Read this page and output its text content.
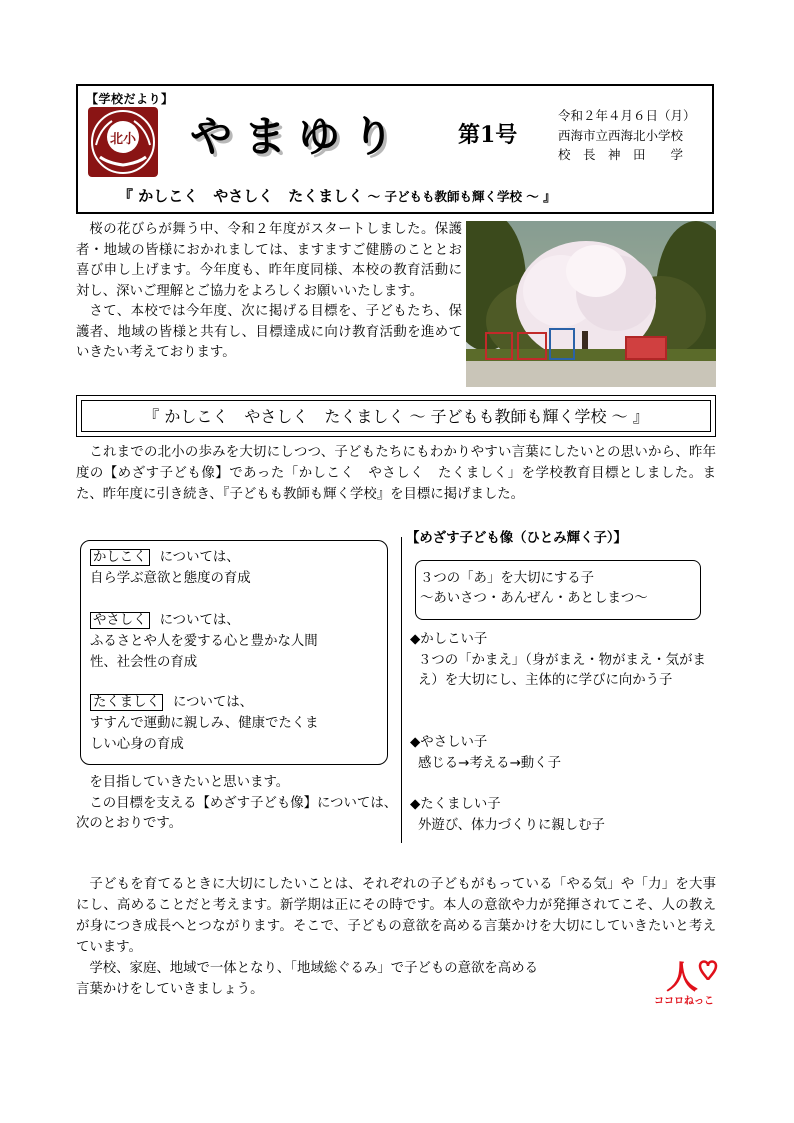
【学校だより】
北小 やまゆり 第1号
令和２年４月６日（月）
西海市立西海北小学校
校　長　神　田　　学
『 かしこく　やさしく　たくましく ～ 子どもも教師も輝く学校 ～ 』

桜の花びらが舞う中、令和２年度がスタートしました。保護者・地域の皆様におかれましては、ますますご健勝のこととお喜び申し上げます。今年度も、昨年度同様、本校の教育活動に対し、深いご理解とご協力をよろしくお願いいたします。

さて、本校では今年度、次に掲げる目標を、子どもたち、保護者、地域の皆様と共有し、目標達成に向け教育活動を進めていきたい考えております。

『 かしこく　やさしく　たくましく ～ 子どもも教師も輝く学校 ～ 』

これまでの北小の歩みを大切にしつつ、子どもたちにもわかりやすい言葉にしたいとの思いから、昨年度の【めざす子ども像】であった「かしこく　やさしく　たくましく」を学校教育目標としました。また、昨年度に引き続き、『子どもも教師も輝く学校』を目標に掲げました。

かしこく については、
自ら学ぶ意欲と態度の育成
やさしく については、
ふるさとや人を愛する心と豊かな人間
性、社会性の育成
たくましく については、
すすんで運動に親しみ、健康でたくま
しい心身の育成

を目指していきたいと思います。

この目標を支える【めざす子ども像】については、次のとおりです。

【めざす子ども像（ひとみ輝く子）】
３つの「あ」を大切にする子
～あいさつ・あんぜん・あとしまつ～
◆かしこい子
３つの「かまえ」（身がまえ・物がまえ・気がまえ）を大切にし、主体的に学びに向かう子
◆やさしい子
感じる→考える→動く子
◆たくましい子
外遊び、体力づくりに親しむ子

子どもを育てるときに大切にしたいことは、それぞれの子どもがもっている「やる気」や「力」を大事にし、高めることだと考えます。新学期は正にその時です。本人の意欲や力が発揮されてこそ、人の教えが身につき成長へとつながります。そこで、子どもの意欲を高める言葉かけを大切にしていきたいと考えています。

学校、家庭、地域で一体となり、「地域総ぐるみ」で子どもの意欲を高める

言葉かけをしていきましょう。	人
ココロねっこ
